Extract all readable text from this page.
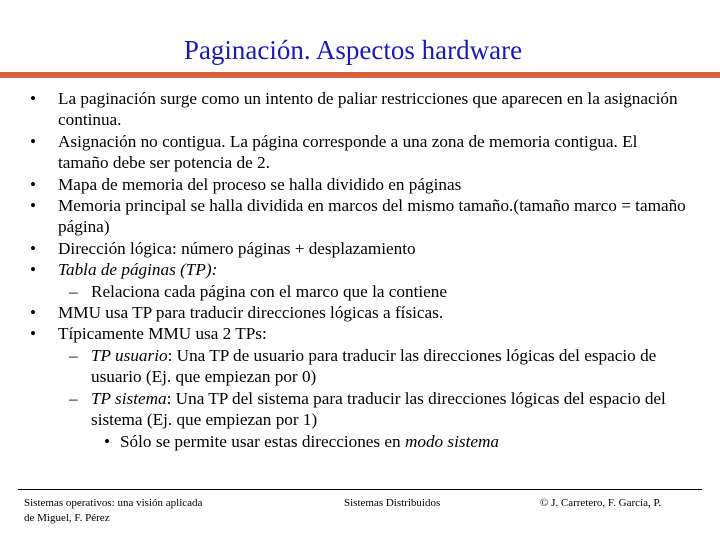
Paginación. Aspectos hardware
• La paginación surge como un intento de paliar restricciones que aparecen en la asignación continua.
• Asignación no contigua. La página corresponde a una zona de memoria contigua. El tamaño debe ser potencia de 2.
• Mapa de memoria del proceso se halla dividido en páginas
• Memoria principal se halla dividida en marcos del mismo tamaño.(tamaño marco = tamaño página)
• Dirección lógica: número páginas + desplazamiento
• Tabla de páginas (TP):
– Relaciona cada página con el marco que la contiene
• MMU usa TP para traducir direcciones lógicas a físicas.
• Típicamente MMU usa 2 TPs:
– TP usuario: Una TP de usuario para traducir las direcciones lógicas del espacio de usuario (Ej. que empiezan por 0)
– TP sistema: Una TP del sistema para traducir las direcciones lógicas del espacio del sistema (Ej. que empiezan por 1)
• Sólo se permite usar estas direcciones en modo sistema
Sistemas operativos: una visión aplicada
de Miguel, F. Pérez
Sistemas Distribuidos	© J. Carretero, F. García, P.
